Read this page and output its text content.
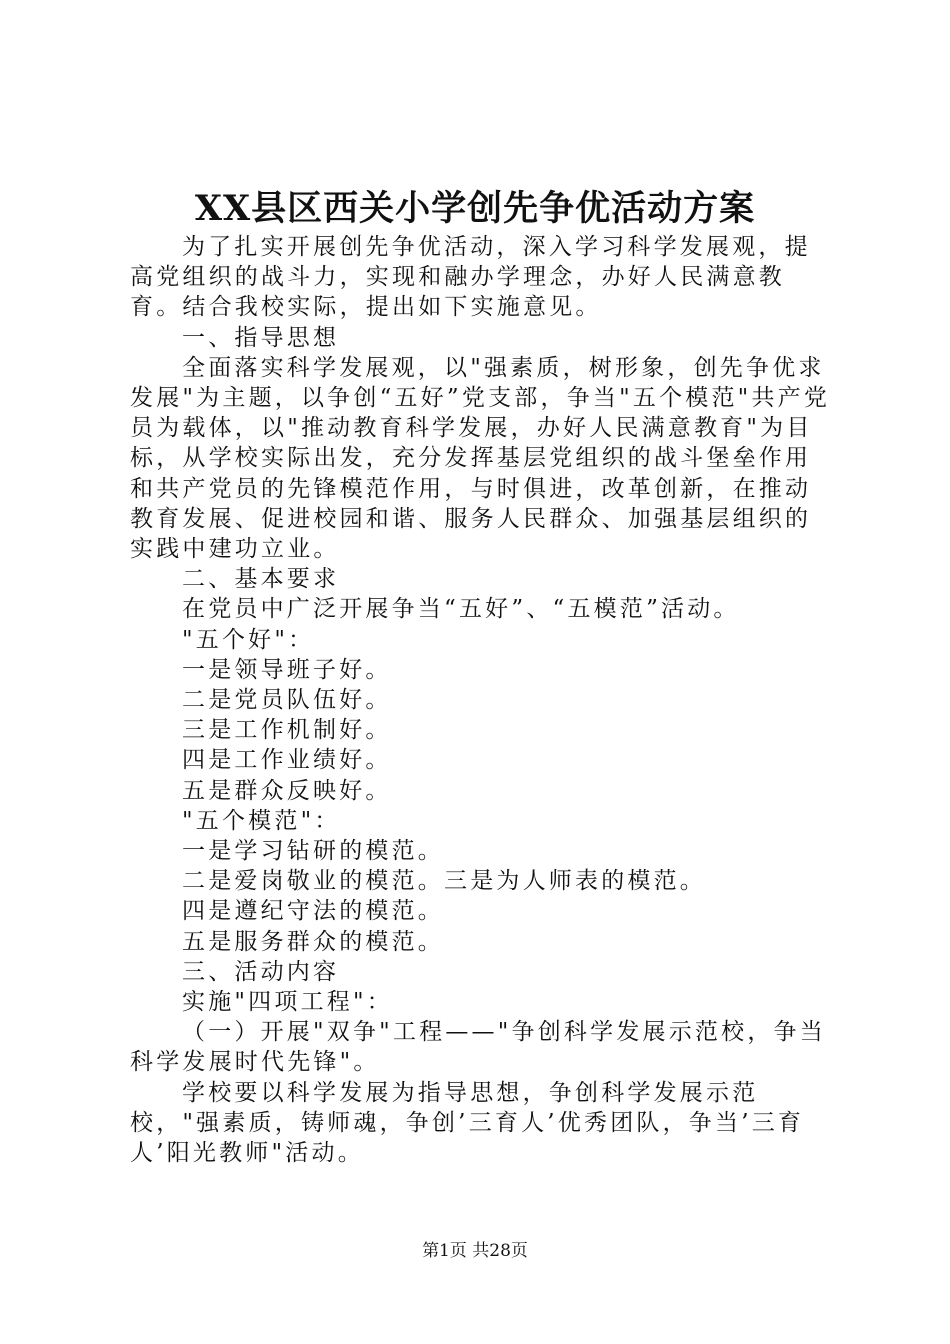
XX县区西关小学创先争优活动方案

为了扎实开展创先争优活动，深入学习科学发展观，提高党组织的战斗力，实现和融办学理念，办好人民满意教育。结合我校实际，提出如下实施意见。

一、指导思想

全面落实科学发展观，以"强素质，树形象，创先争优求发展"为主题，以争创“五好”党支部，争当"五个模范"共产党员为载体，以"推动教育科学发展，办好人民满意教育"为目标，从学校实际出发，充分发挥基层党组织的战斗堡垒作用和共产党员的先锋模范作用，与时俱进，改革创新，在推动教育发展、促进校园和谐、服务人民群众、加强基层组织的实践中建功立业。

二、基本要求

在党员中广泛开展争当“五好”、“五模范”活动。

"五个好"：

一是领导班子好。

二是党员队伍好。

三是工作机制好。

四是工作业绩好。

五是群众反映好。

"五个模范"：

一是学习钻研的模范。

二是爱岗敬业的模范。三是为人师表的模范。

四是遵纪守法的模范。

五是服务群众的模范。

三、活动内容

实施"四项工程"：

（一）开展"双争"工程——"争创科学发展示范校，争当科学发展时代先锋"。

学校要以科学发展为指导思想，争创科学发展示范校，"强素质，铸师魂，争创’三育人’优秀团队，争当’三育人’阳光教师"活动。

第1页 共28页
